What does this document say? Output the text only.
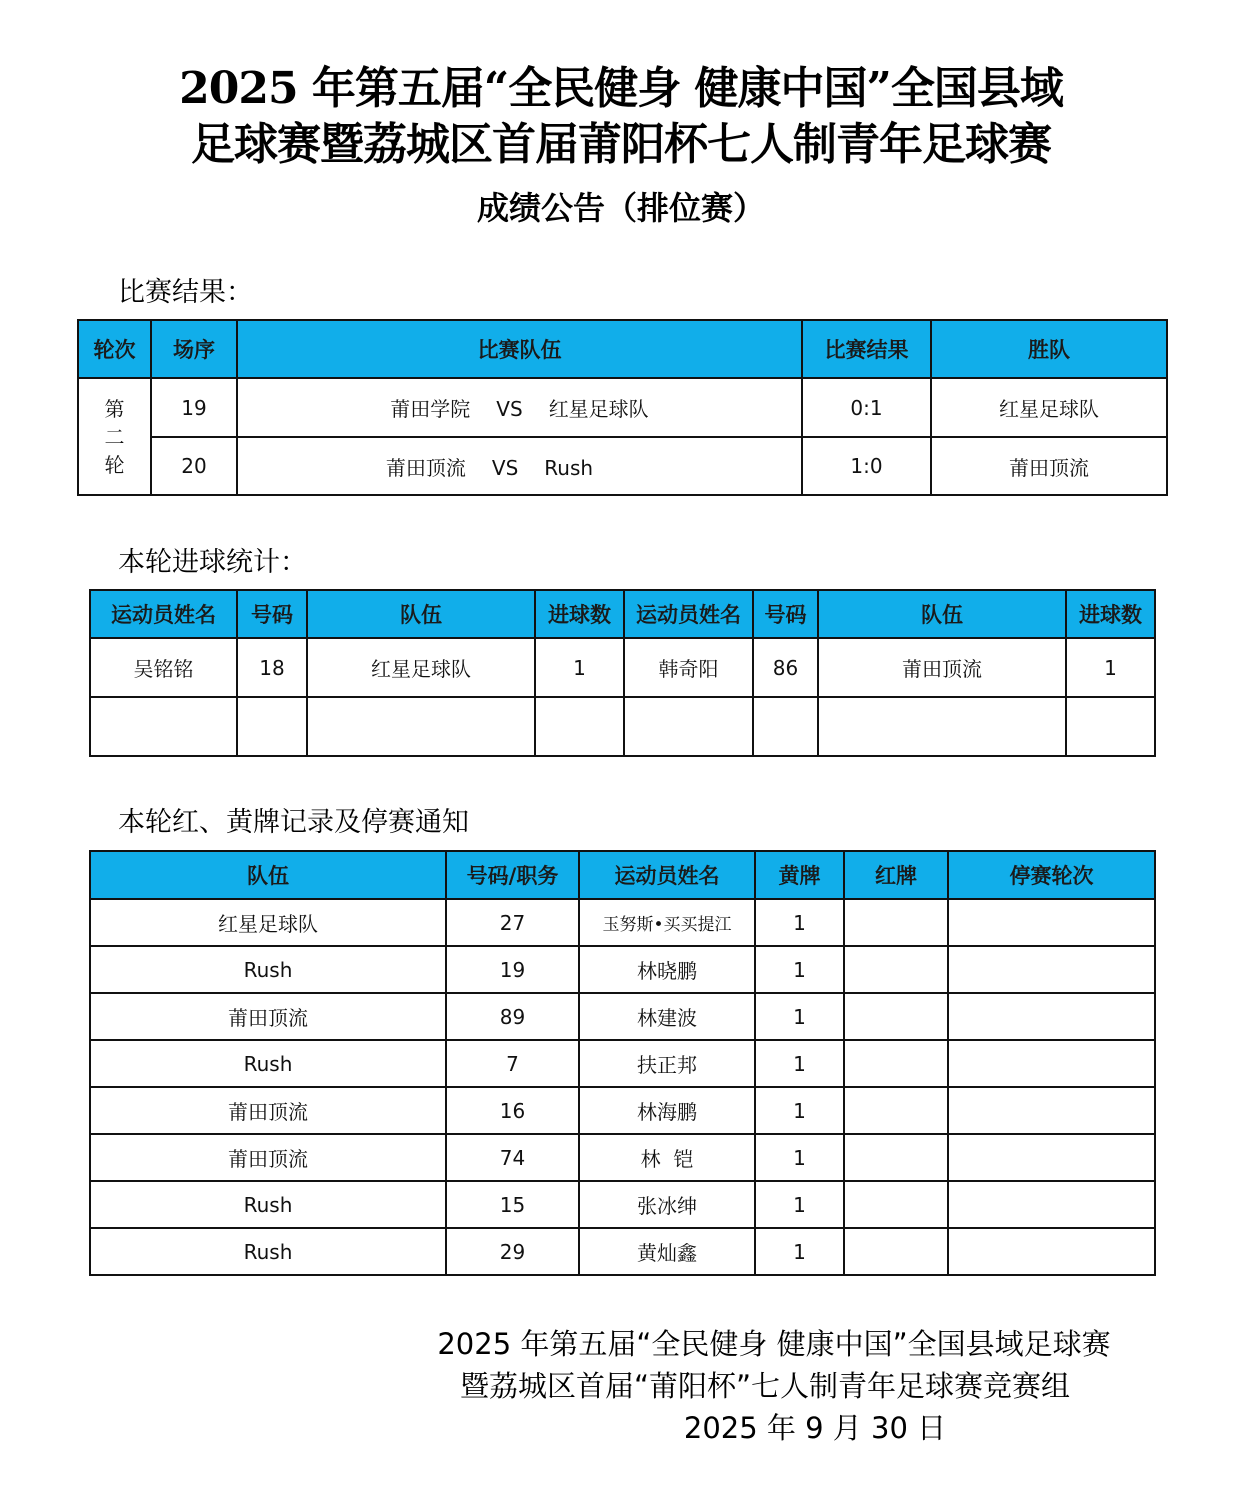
2025 年第五届“全民健身 健康中国”全国县域
足球赛暨荔城区首届莆阳杯七人制青年足球赛
成绩公告（排位赛）
比赛结果：
轮次	场序	比赛队伍	比赛结果	胜队

第
二
轮	19	莆田学院 VS 红星足球队	0:1	红星足球队
	20	莆田顶流 VS Rush	1:0	莆田顶流
本轮进球统计：
运动员姓名	号码	队伍	进球数	运动员姓名	号码	队伍	进球数
吴铭铭	18	红星足球队	1	韩奇阳	86	莆田顶流	1

本轮红、黄牌记录及停赛通知
队伍	号码/职务	运动员姓名	黄牌	红牌	停赛轮次
红星足球队	27	玉努斯•买买提江	1		
Rush	19	林晓鹏	1		
莆田顶流	89	林建波	1		
Rush	7	扶正邦	1		
莆田顶流	16	林海鹏	1		
莆田顶流	74	林  铠	1		
Rush	15	张冰绅	1		
Rush	29	黄灿鑫	1		
2025 年第五届“全民健身 健康中国”全国县域足球赛
暨荔城区首届“莆阳杯”七人制青年足球赛竞赛组
2025 年 9 月 30 日
